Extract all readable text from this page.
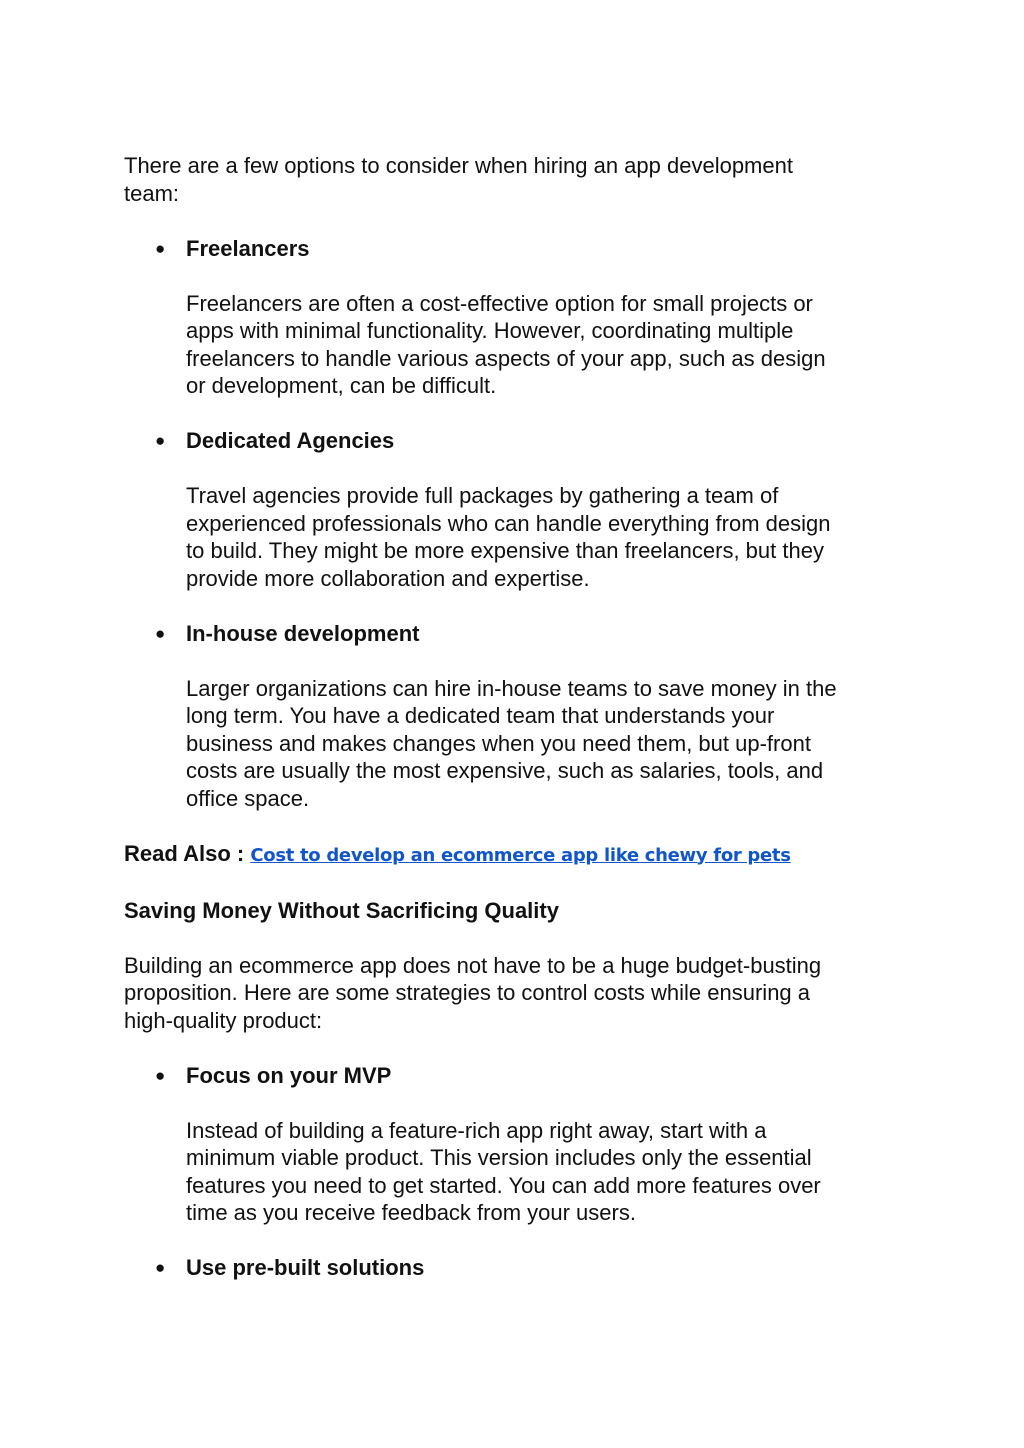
There are a few options to consider when hiring an app development
team:

● Freelancers

Freelancers are often a cost-effective option for small projects or
apps with minimal functionality. However, coordinating multiple
freelancers to handle various aspects of your app, such as design
or development, can be difficult.

● Dedicated Agencies

Travel agencies provide full packages by gathering a team of
experienced professionals who can handle everything from design
to build. They might be more expensive than freelancers, but they
provide more collaboration and expertise.

● In-house development

Larger organizations can hire in-house teams to save money in the
long term. You have a dedicated team that understands your
business and makes changes when you need them, but up-front
costs are usually the most expensive, such as salaries, tools, and
office space.

Read Also : Cost to develop an ecommerce app like chewy for pets

Saving Money Without Sacrificing Quality

Building an ecommerce app does not have to be a huge budget-busting
proposition. Here are some strategies to control costs while ensuring a
high-quality product:

● Focus on your MVP

Instead of building a feature-rich app right away, start with a
minimum viable product. This version includes only the essential
features you need to get started. You can add more features over
time as you receive feedback from your users.

● Use pre-built solutions
